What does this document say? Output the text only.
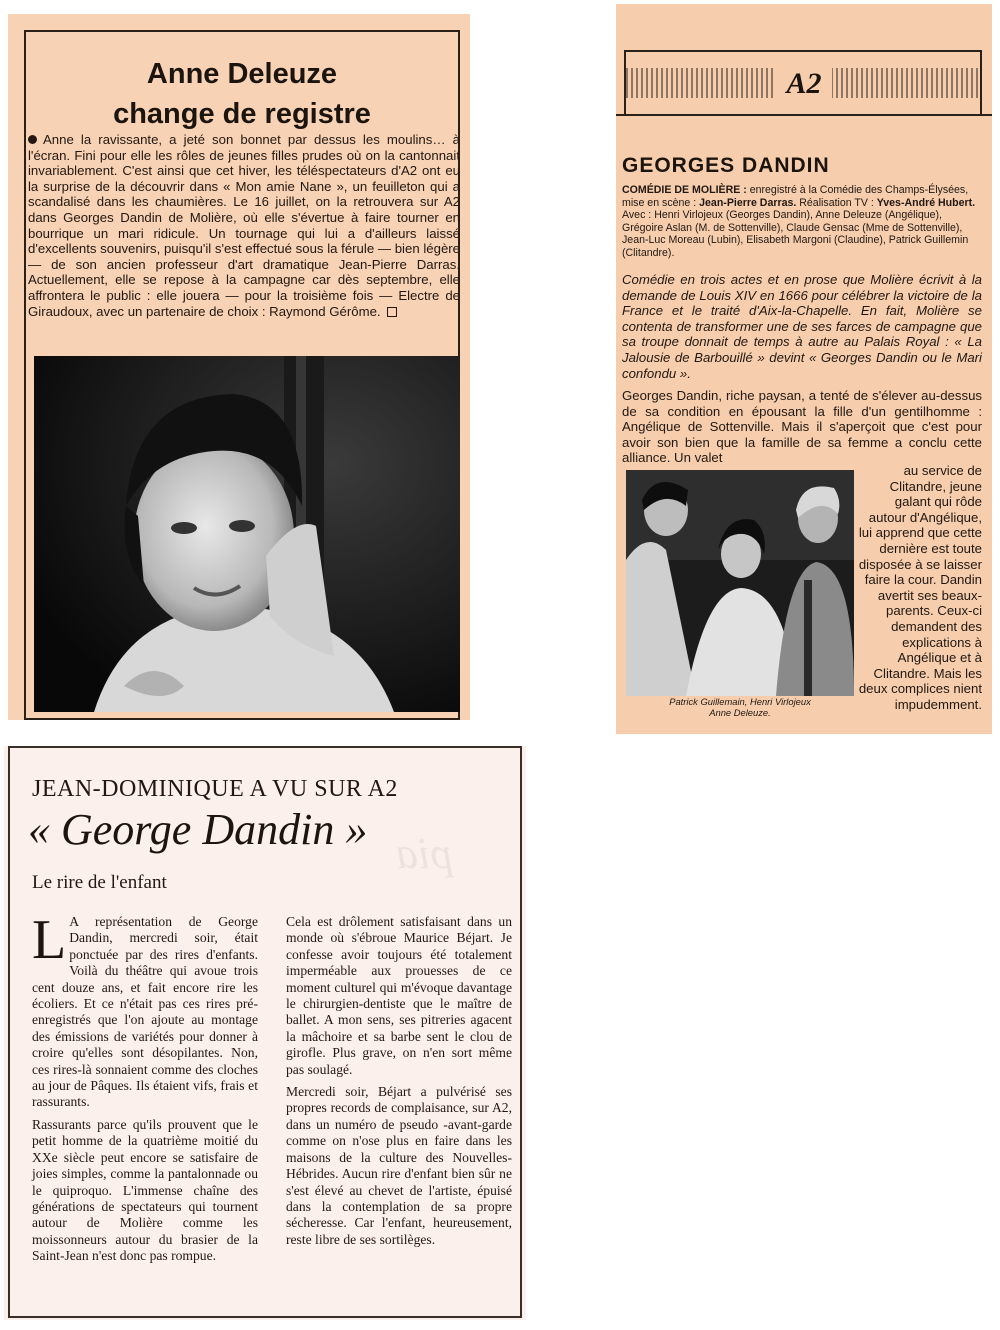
Anne Deleuze
change de registre

Anne la ravissante, a jeté son bonnet par dessus les moulins… à l'écran. Fini pour elle les rôles de jeunes filles prudes où on la cantonnait invariablement. C'est ainsi que cet hiver, les téléspectateurs d'A2 ont eu la surprise de la découvrir dans « Mon amie Nane », un feuilleton qui a scandalisé dans les chaumières. Le 16 juillet, on la retrouvera sur A2 dans Georges Dandin de Molière, où elle s'évertue à faire tourner en bourrique un mari ridicule. Un tournage qui lui a d'ailleurs laissé d'excellents souvenirs, puisqu'il s'est effectué sous la férule — bien légère — de son ancien professeur d'art dramatique Jean-Pierre Darras. Actuellement, elle se repose à la campagne car dès septembre, elle affrontera le public : elle jouera — pour la troisième fois — Electre de Giraudoux, avec un partenaire de choix : Raymond Gérôme.

A2
GEORGES DANDIN

COMÉDIE DE MOLIÈRE : enregistré à la Comédie des Champs-Élysées, mise en scène : Jean-Pierre Darras. Réalisation TV : Yves-André Hubert.
Avec : Henri Virlojeux (Georges Dandin), Anne Deleuze (Angélique), Grégoire Aslan (M. de Sottenville), Claude Gensac (Mme de Sottenville), Jean-Luc Moreau (Lubin), Elisabeth Margoni (Claudine), Patrick Guillemin (Clitandre).

Comédie en trois actes et en prose que Molière écrivit à la demande de Louis XIV en 1666 pour célébrer la victoire de la France et le traité d'Aix-la-Chapelle. En fait, Molière se contenta de transformer une de ses farces de campagne que sa troupe donnait de temps à autre au Palais Royal : « La Jalousie de Barbouillé » devint « Georges Dandin ou le Mari confondu ».

Georges Dandin, riche paysan, a tenté de s'élever au-dessus de sa condition en épousant la fille d'un gentilhomme : Angélique de Sottenville. Mais il s'aperçoit que c'est pour avoir son bien que la famille de sa femme a conclu cette alliance. Un valet

Patrick Guillemain, Henri Virlojeux
Anne Deleuze.

au service de Clitandre, jeune galant qui rôde autour d'Angélique, lui apprend que cette dernière est toute disposée à se laisser faire la cour. Dandin avertit ses beaux-parents. Ceux-ci demandent des explications à Angélique et à Clitandre. Mais les deux complices nient impudemment.

pia

JEAN-DOMINIQUE A VU SUR A2

« George Dandin »

Le rire de l'enfant

L A représentation de George Dandin, mercredi soir, était ponctuée par des rires d'enfants. Voilà du théâtre qui avoue trois cent douze ans, et fait encore rire les écoliers. Et ce n'était pas ces rires pré-enregistrés que l'on ajoute au montage des émissions de variétés pour donner à croire qu'elles sont désopilantes. Non, ces rires-là sonnaient comme des cloches au jour de Pâques. Ils étaient vifs, frais et rassurants.

Rassurants parce qu'ils prouvent que le petit homme de la quatrième moitié du XXe siècle peut encore se satisfaire de joies simples, comme la pantalonnade ou le quiproquo. L'immense chaîne des générations de spectateurs qui tournent autour de Molière comme les moissonneurs autour du brasier de la Saint-Jean n'est donc pas rompue.

Cela est drôlement satisfaisant dans un monde où s'ébroue Maurice Béjart. Je confesse avoir toujours été totalement imperméable aux prouesses de ce moment culturel qui m'évoque davantage le chirurgien-dentiste que le maître de ballet. A mon sens, ses pitreries agacent la mâchoire et sa barbe sent le clou de girofle. Plus grave, on n'en sort même pas soulagé.

Mercredi soir, Béjart a pulvérisé ses propres records de complaisance, sur A2, dans un numéro de pseudo -avant-garde comme on n'ose plus en faire dans les maisons de la culture des Nouvelles-Hébrides. Aucun rire d'enfant bien sûr ne s'est élevé au chevet de l'artiste, épuisé dans la contemplation de sa propre sécheresse. Car l'enfant, heureusement, reste libre de ses sortilèges.
